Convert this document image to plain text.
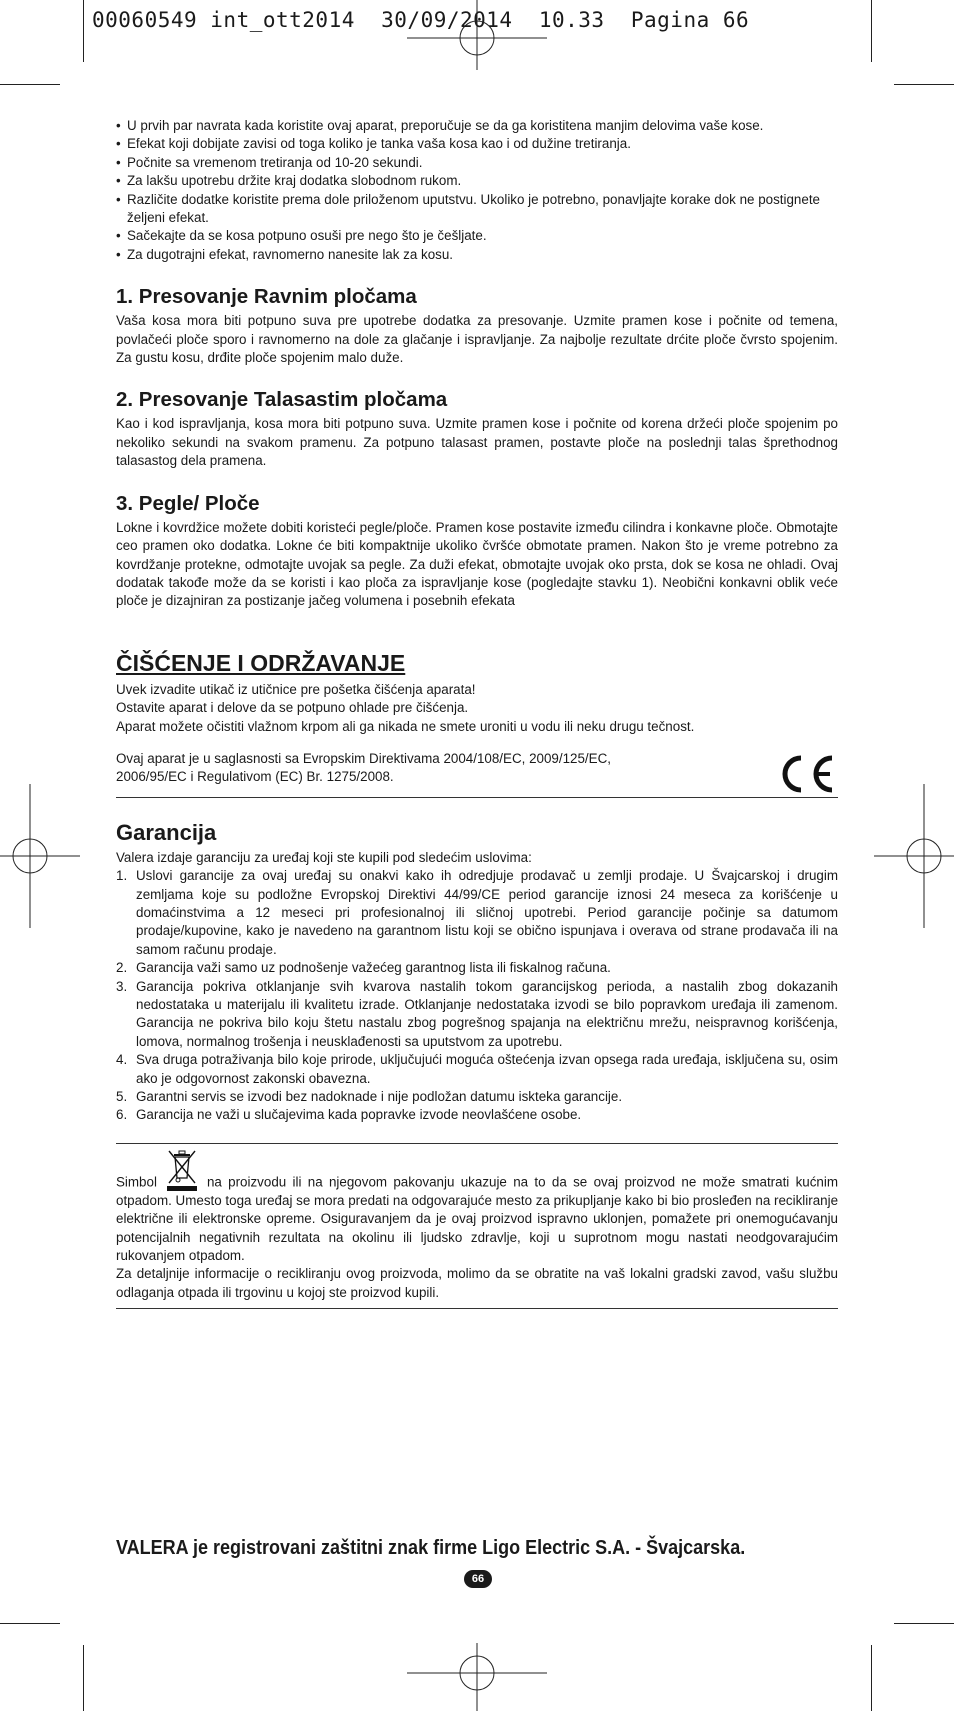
00060549 int_ott2014  30/09/2014  10.33  Pagina 66
• U prvih par navrata kada koristite ovaj aparat, preporučuje se da ga koristitena manjim delovima vaše kose.
• Efekat koji dobijate zavisi od toga koliko je tanka vaša kosa kao i od dužine tretiranja.
• Počnite sa vremenom tretiranja od 10-20 sekundi.
• Za lakšu upotrebu držite kraj dodatka slobodnom rukom.
• Različite dodatke koristite prema dole priloženom uputstvu. Ukoliko je potrebno, ponavljajte korake dok ne postignete željeni efekat.
• Sačekajte da se kosa potpuno osuši pre nego što je češljate.
• Za dugotrajni efekat, ravnomerno nanesite lak za kosu.
1. Presovanje Ravnim pločama

Vaša kosa mora biti potpuno suva pre upotrebe dodatka za presovanje. Uzmite pramen kose i počnite od temena, povlačeći ploče sporo i ravnomerno na dole za glačanje i ispravljanje. Za najbolje rezultate drćite ploče čvrsto spojenim. Za gustu kosu, drđite ploče spojenim malo duže.

2. Presovanje Talasastim pločama

Kao i kod ispravljanja, kosa mora biti potpuno suva. Uzmite pramen kose i počnite od korena držeći ploče spojenim po nekoliko sekundi na svakom pramenu. Za potpuno talasast pramen, postavte ploče na poslednji talas šprethodnog talasastog dela pramena.

3. Pegle/ Ploče

Lokne i kovrdžice možete dobiti koristeći pegle/ploče. Pramen kose postavite između cilindra i konkavne ploče. Obmotajte ceo pramen oko dodatka. Lokne će biti kompaktnije ukoliko čvršće obmotate pramen. Nakon što je vreme potrebno za kovrdžanje protekne, odmotajte uvojak sa pegle. Za duži efekat, obmotajte uvojak oko prsta, dok se kosa ne ohladi. Ovaj dodatak takođe može da se koristi i kao ploča za ispravljanje kose (pogledajte stavku 1). Neobični konkavni oblik veće ploče je dizajniran za postizanje jačeg volumena i posebnih efekata

ČIŠĆENJE I ODRŽAVANJE

Uvek izvadite utikač iz utičnice pre pošetka čišćenja aparata!

Ostavite aparat i delove da se potpuno ohlade pre čišćenja.

Aparat možete očistiti vlažnom krpom ali ga nikada ne smete uroniti u vodu ili neku drugu tečnost.

Ovaj aparat je u saglasnosti sa Evropskim Direktivama 2004/108/EC, 2009/125/EC, 2006/95/EC i Regulativom (EC) Br. 1275/2008.

Garancija

Valera izdaje garanciju za uređaj koji ste kupili pod sledećim uslovima:

1. Uslovi garancije za ovaj uređaj su onakvi kako ih odredjuje prodavač u zemlji prodaje. U Švajcarskoj i drugim zemljama koje su podložne Evropskoj Direktivi 44/99/CE period garancije iznosi 24 meseca za korišćenje u domaćinstvima a 12 meseci pri profesionalnoj ili sličnoj upotrebi. Period garancije počinje sa datumom prodaje/kupovine, kako je navedeno na garantnom listu koji se obično ispunjava i overava od strane prodavača ili na samom računu prodaje.
2. Garancija važi samo uz podnošenje važećeg garantnog lista ili fiskalnog računa.
3. Garancija pokriva otklanjanje svih kvarova nastalih tokom garancijskog perioda, a nastalih zbog dokazanih nedostataka u materijalu ili kvalitetu izrade. Otklanjanje nedostataka izvodi se bilo popravkom uređaja ili zamenom. Garancija ne pokriva bilo koju štetu nastalu zbog pogrešnog spajanja na električnu mrežu, neispravnog korišćenja, lomova, normalnog trošenja i neusklađenosti sa uputstvom za upotrebu.
4. Sva druga potraživanja bilo koje prirode, uključujući moguća oštećenja izvan opsega rada uređaja, isključena su, osim ako je odgovornost zakonski obavezna.
5. Garantni servis se izvodi bez nadoknade i nije podložan datumu iskteka garancije.
6. Garancija ne važi u slučajevima kada popravke izvode neovlašćene osobe.

Simbol	na proizvodu ili na njegovom pakovanju ukazuje na to da se ovaj proizvod ne može smatrati kućnim otpadom. Umesto toga uređaj se mora predati na odgovarajuće mesto za prikupljanje kako bi bio prosleđen na recikliranje električne ili elektronske opreme. Osiguravanjem da je ovaj proizvod ispravno uklonjen, pomažete pri onemogućavanju potencijalnih negativnih rezultata na okolinu ili ljudsko zdravlje, koji u suprotnom mogu nastati neodgovarajućim rukovanjem otpadom.

Za detaljnije informacije o recikliranju ovog proizvoda, molimo da se obratite na vaš lokalni gradski zavod, vašu službu odlaganja otpada ili trgovinu u kojoj ste proizvod kupili.

VALERA je registrovani zaštitni znak firme Ligo Electric S.A. - Švajcarska.
66
